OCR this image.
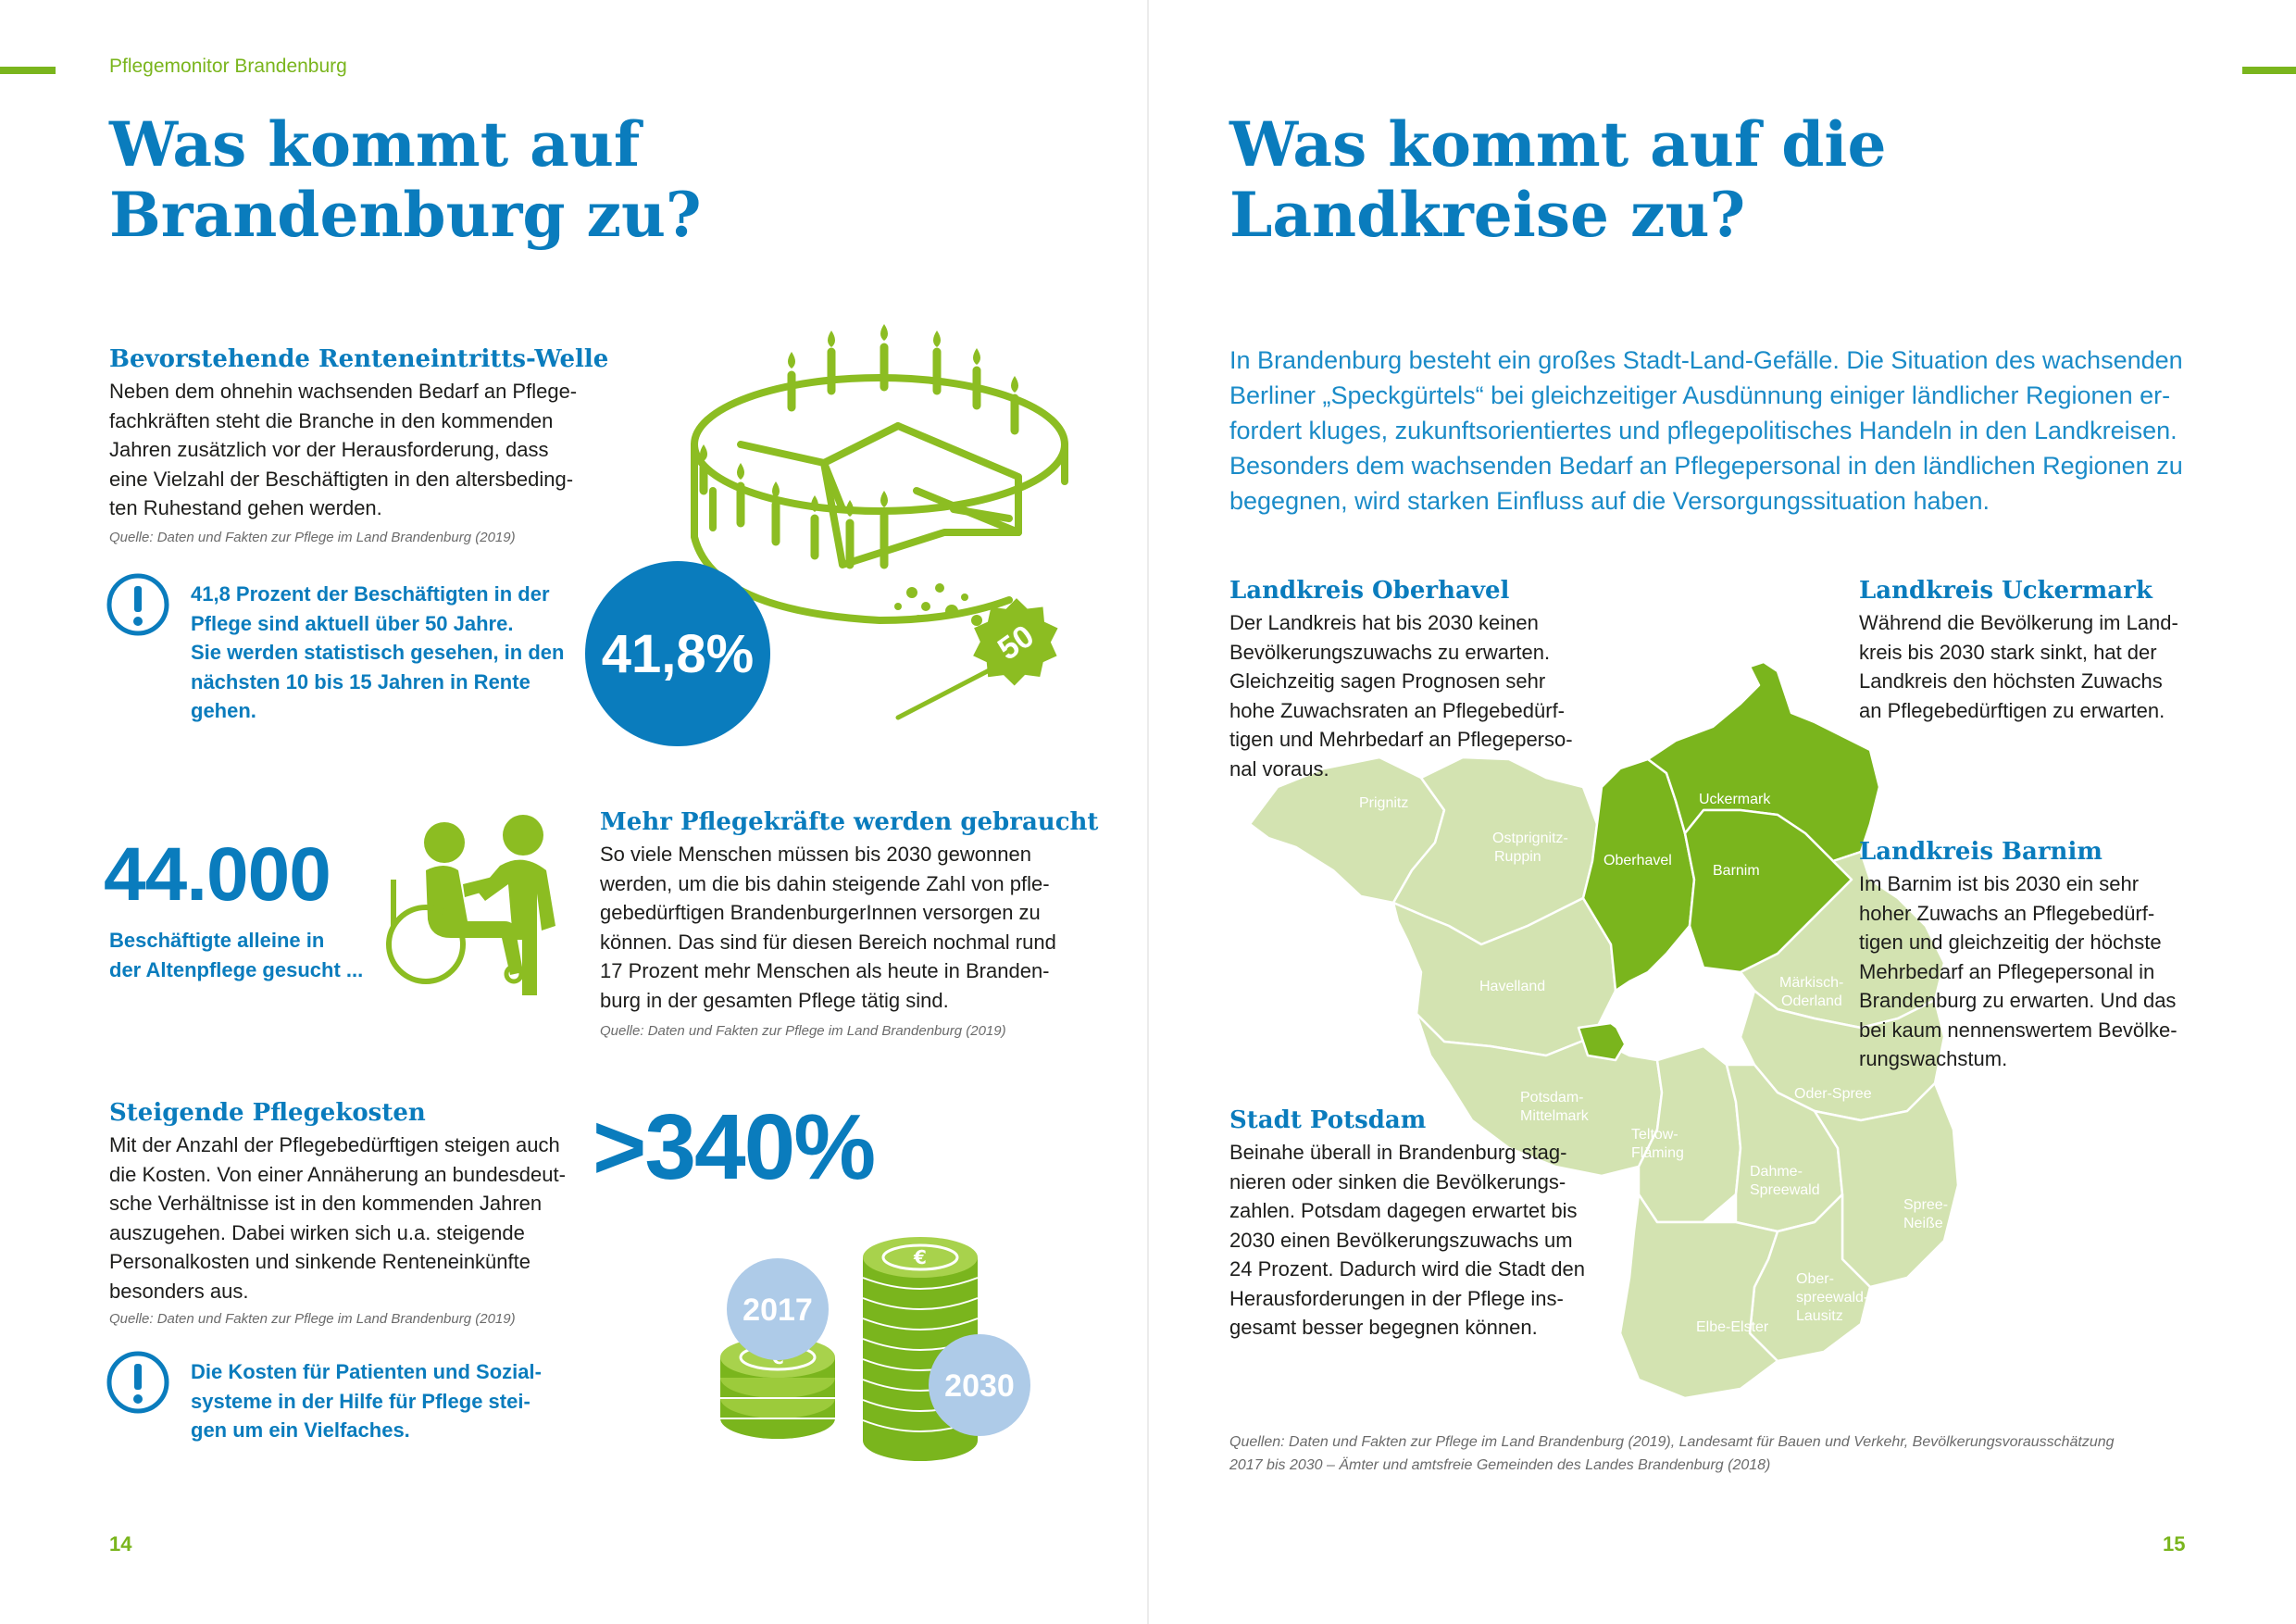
Pflegemonitor Brandenburg
Was kommt auf
Brandenburg zu?
Bevorstehende Renteneintritts-Welle
Neben dem ohnehin wachsenden Bedarf an Pflege-
fachkräften steht die Branche in den kommenden
Jahren zusätzlich vor der Herausforderung, dass
eine Vielzahl der Beschäftigten in den altersbeding-
ten Ruhestand gehen werden.
Quelle: Daten und Fakten zur Pflege im Land Brandenburg (2019)
41,8 Prozent der Beschäftigten in der
Pflege sind aktuell über 50 Jahre.
Sie werden statistisch gesehen, in den
nächsten 10 bis 15 Jahren in Rente
gehen.
50
41,8%
44.000
Beschäftigte alleine in
der Altenpflege gesucht ...
Mehr Pflegekräfte werden gebraucht
So viele Menschen müssen bis 2030 gewonnen
werden, um die bis dahin steigende Zahl von pfle-
gebedürftigen BrandenburgerInnen versorgen zu
können. Das sind für diesen Bereich nochmal rund
17 Prozent mehr Menschen als heute in Branden-
burg in der gesamten Pflege tätig sind.
Quelle: Daten und Fakten zur Pflege im Land Brandenburg (2019)
Steigende Pflegekosten
Mit der Anzahl der Pflegebedürftigen steigen auch
die Kosten. Von einer Annäherung an bundesdeut-
sche Verhältnisse ist in den kommenden Jahren
auszugehen. Dabei wirken sich u.a. steigende
Personalkosten und sinkende Renteneinkünfte
besonders aus.
Quelle: Daten und Fakten zur Pflege im Land Brandenburg (2019)
>340%
Die Kosten für Patienten und Sozial-
systeme in der Hilfe für Pflege stei-
gen um ein Vielfaches.
€
2017
2030
14
Was kommt auf die
Landkreise zu?
In Brandenburg besteht ein großes Stadt-Land-Gefälle. Die Situation des wachsenden
Berliner „Speckgürtels“ bei gleichzeitiger Ausdünnung einiger ländlicher Regionen er-
fordert kluges, zukunftsorientiertes und pflegepolitisches Handeln in den Landkreisen.
Besonders dem wachsenden Bedarf an Pflegepersonal in den ländlichen Regionen zu
begegnen, wird starken Einfluss auf die Versorgungssituation haben.
Prignitz
Ostprignitz-
Ruppin
Uckermark
Oberhavel
Barnim
Havelland	Märkisch-
Oderland
Potsdam-
Mittelmark
Oder-Spree
Teltow-
Fläming
Dahme-
Spreewald
Spree-
Neiße
Ober-
spreewald-
Lausitz
Elbe-Elster
Landkreis Oberhavel
Der Landkreis hat bis 2030 keinen
Bevölkerungszuwachs zu erwarten.
Gleichzeitig sagen Prognosen sehr
hohe Zuwachsraten an Pflegebedürf-
tigen und Mehrbedarf an Pflegeperso-
nal voraus.
Landkreis Uckermark
Während die Bevölkerung im Land-
kreis bis 2030 stark sinkt, hat der
Landkreis den höchsten Zuwachs
an Pflegebedürftigen zu erwarten.
Landkreis Barnim
Im Barnim ist bis 2030 ein sehr
hoher Zuwachs an Pflegebedürf-
tigen und gleichzeitig der höchste
Mehrbedarf an Pflegepersonal in
Brandenburg zu erwarten. Und das
bei kaum nennenswertem Bevölke-
rungswachstum.
Stadt Potsdam
Beinahe überall in Brandenburg stag-
nieren oder sinken die Bevölkerungs-
zahlen. Potsdam dagegen erwartet bis
2030 einen Bevölkerungszuwachs um
24 Prozent. Dadurch wird die Stadt den
Herausforderungen in der Pflege ins-
gesamt besser begegnen können.
Quellen: Daten und Fakten zur Pflege im Land Brandenburg (2019), Landesamt für Bauen und Verkehr, Bevölkerungsvorausschätzung
2017 bis 2030 – Ämter und amtsfreie Gemeinden des Landes Brandenburg (2018)
15
